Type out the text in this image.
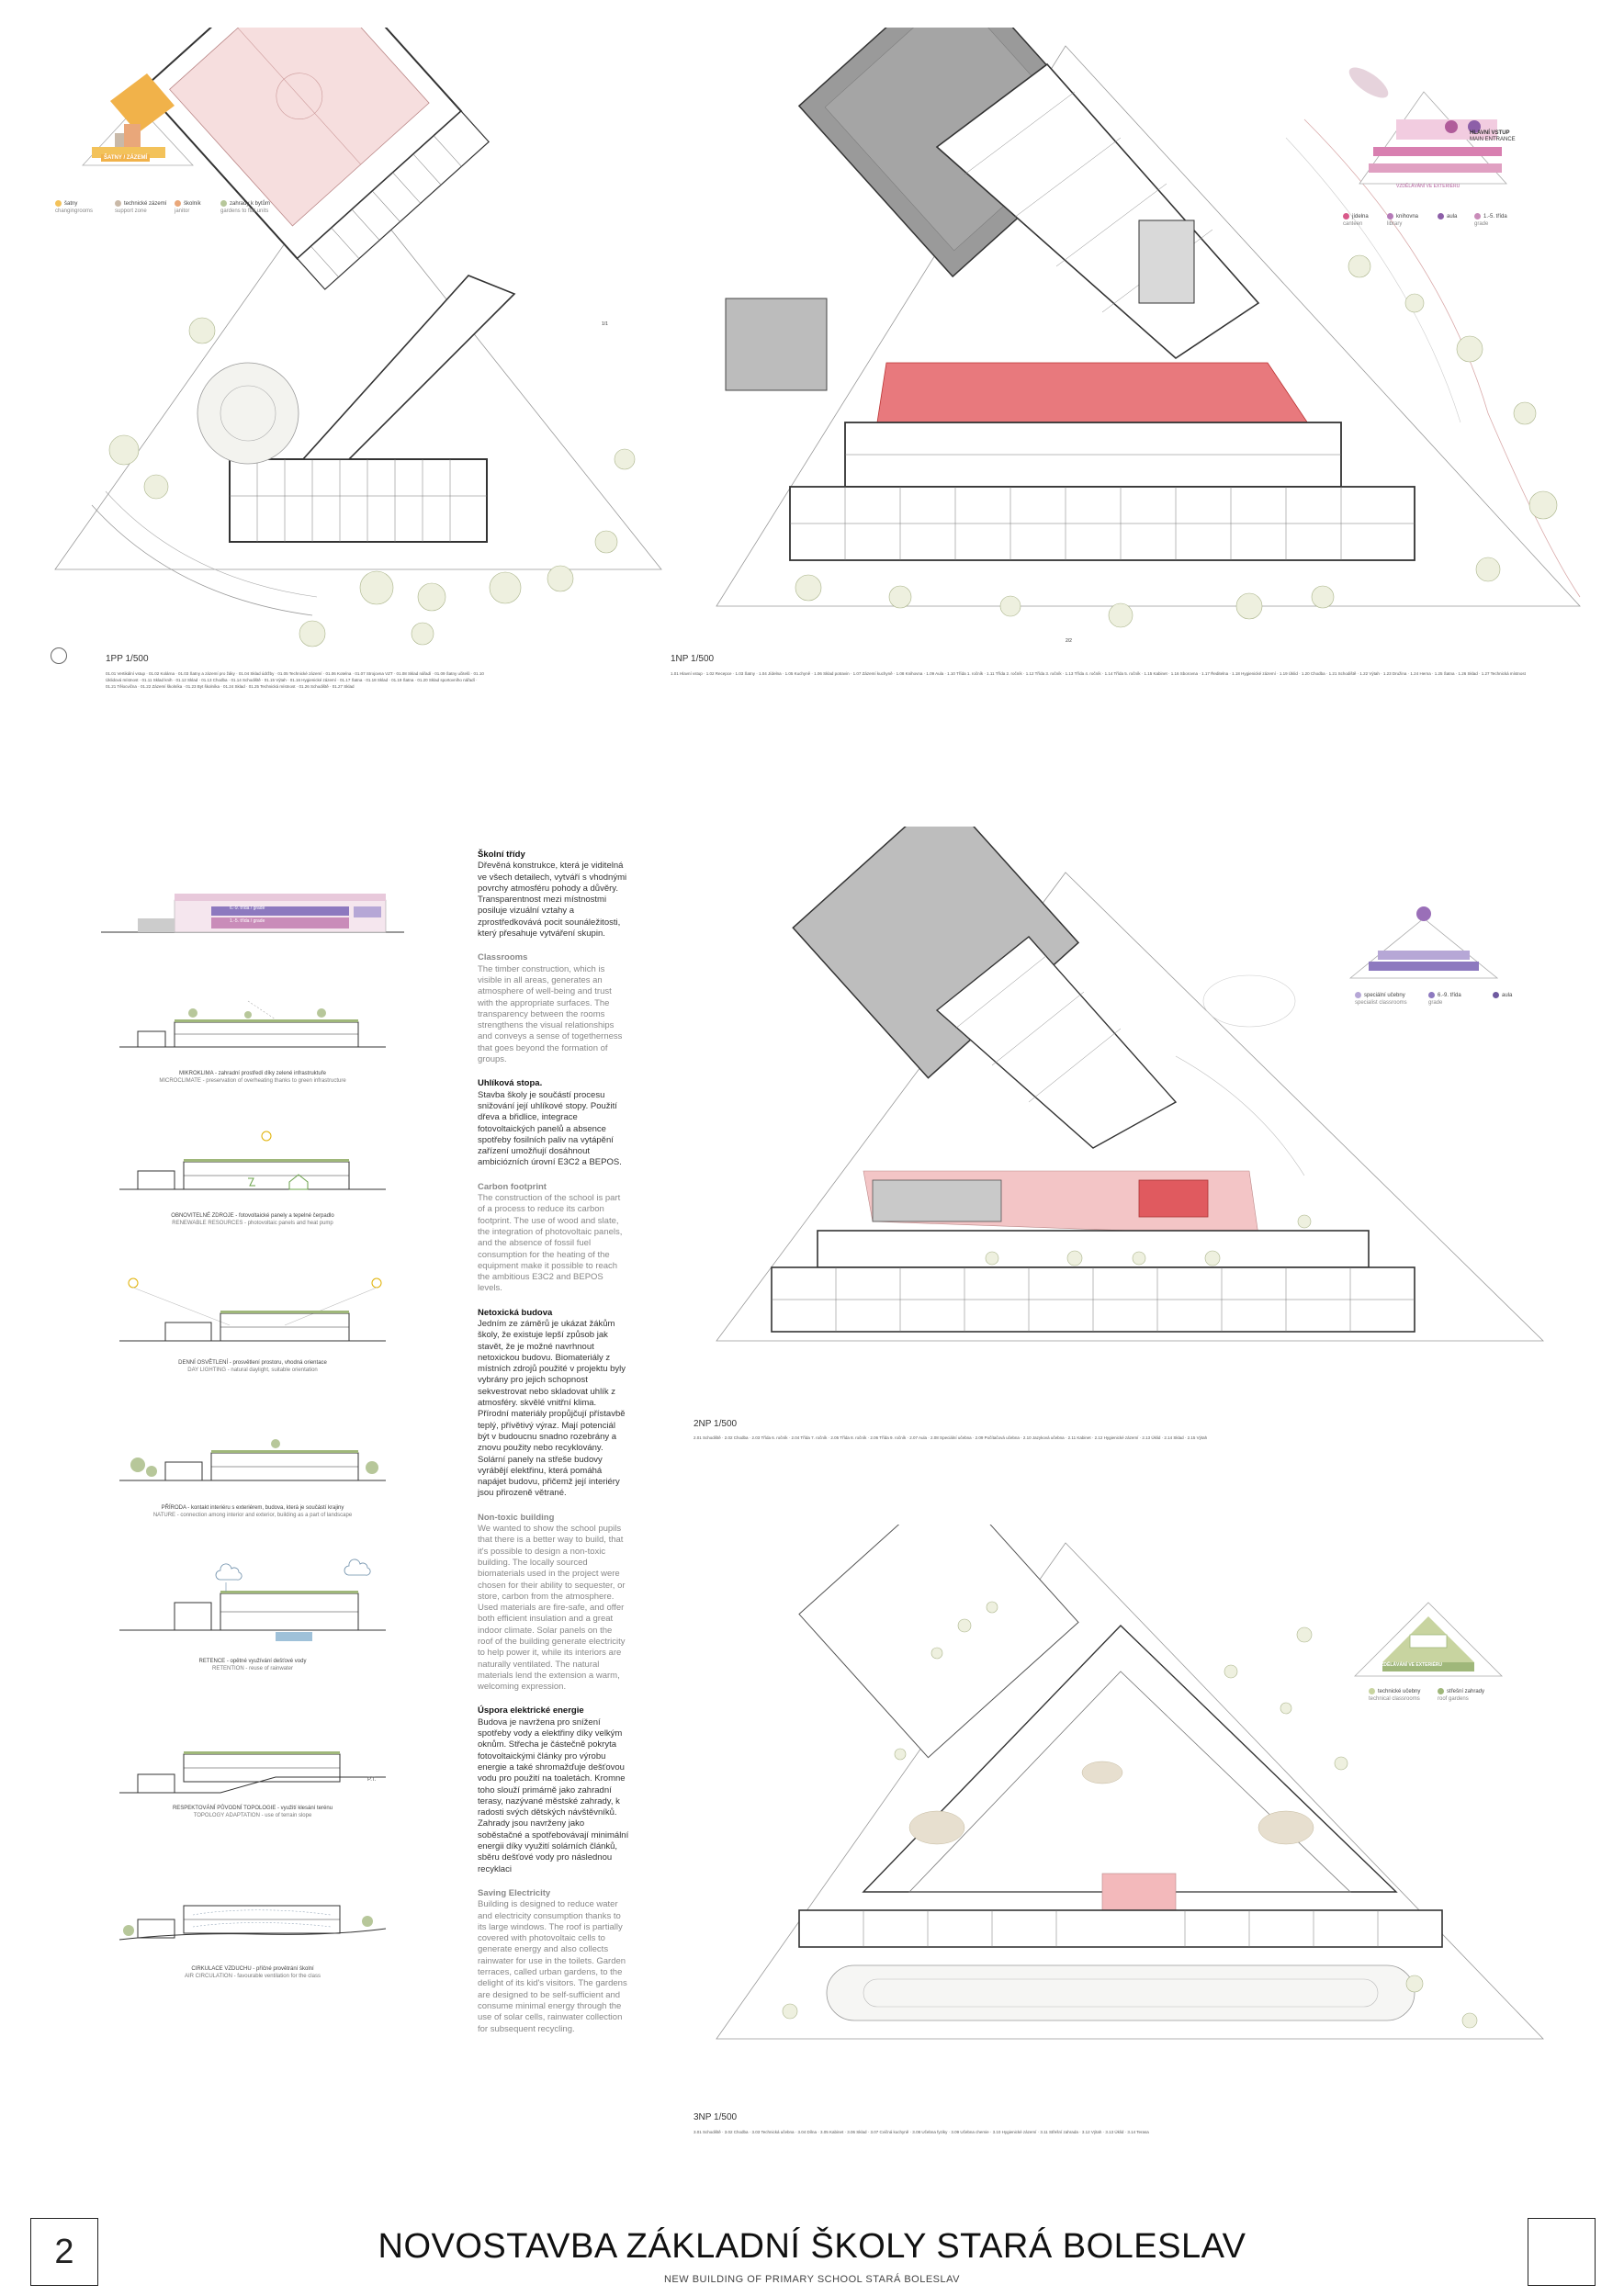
ŠATNY / ZÁZEMÍ
šatny
changingrooms
technické zázemí
support zone
školník
janitor
zahrady k bytům
gardens to flat units
1PP 1/500
01.01 Vertikální vstup · 01.02 Kolárna · 01.03 Šatny a zázemí pro žáky · 01.04 Sklad údržby · 01.05 Technické zázemí · 01.06 Kotelna · 01.07 Strojovna VZT · 01.08 Sklad nářadí · 01.09 Šatny učitelů · 01.10 Úklidová místnost · 01.11 Sklad knih · 01.12 Sklad · 01.13 Chodba · 01.14 Schodiště · 01.15 Výtah · 01.16 Hygienické zázemí · 01.17 Šatna · 01.18 Sklad · 01.19 Šatna · 01.20 Sklad sportovního nářadí · 01.21 Tělocvična · 01.22 Zázemí školníka · 01.23 Byt školníka · 01.24 Sklad · 01.25 Technická místnost · 01.26 Schodiště · 01.27 Sklad
HLAVNÍ VSTUP
MAIN ENTRANCE
VZDĚLÁVÁNÍ VE EXTERIÉRU
jídelna
canteen
knihovna
library
aula	1.-5. třída
grade
1NP 1/500
1.01 Hlavní vstup · 1.02 Recepce · 1.03 Šatny · 1.04 Jídelna · 1.05 Kuchyně · 1.06 Sklad potravin · 1.07 Zázemí kuchyně · 1.08 Knihovna · 1.09 Aula · 1.10 Třída 1. ročník · 1.11 Třída 2. ročník · 1.12 Třída 3. ročník · 1.13 Třída 4. ročník · 1.14 Třída 5. ročník · 1.15 Kabinet · 1.16 Sborovna · 1.17 Ředitelna · 1.18 Hygienické zázemí · 1.19 Úklid · 1.20 Chodba · 1.21 Schodiště · 1.22 Výtah · 1.23 Družina · 1.24 Herna · 1.25 Šatna · 1.26 Sklad · 1.27 Technická místnost
6.-9. třída / grade
1.-5. třída / grade
MIKROKLIMA - zahradní prostředí díky zelené infrastruktuře
MICROCLIMATE - preservation of overheating thanks to green infrastructure
OBNOVITELNÉ ZDROJE - fotovoltaické panely a tepelné čerpadlo
RENEWABLE RESOURCES - photovoltaic panels and heat pump
DENNÍ OSVĚTLENÍ - prosvětlení prostoru, vhodná orientace
DAY LIGHTING - natural daylight, suitable orientation
PŘÍRODA - kontakt interiéru s exteriérem, budova, která je součástí krajiny
NATURE - connection among interior and exterior, building as a part of landscape
RETENCE - opětné využívání dešťové vody
RETENTION - reuse of rainwater
P.T.
RESPEKTOVÁNÍ PŮVODNÍ TOPOLOGIE - využití klesání terénu
TOPOLOGY ADAPTATION - use of terrain slope
CIRKULACE VZDUCHU - příčné provětrání školní
AIR CIRCULATION - favourable ventilation for the class
Školní třídy

Dřevěná konstrukce, která je viditelná ve všech detailech, vytváří s vhodnými povrchy atmosféru pohody a důvěry. Transparentnost mezi místnostmi posiluje vizuální vztahy a zprostředkovává pocit sounáležitosti, který přesahuje vytváření skupin.

Classrooms

The timber construction, which is visible in all areas, generates an atmosphere of well-being and trust with the appropriate surfaces. The transparency between the rooms strengthens the visual relationships and conveys a sense of togetherness that goes beyond the formation of groups.

Uhlíková stopa.

Stavba školy je součástí procesu snižování její uhlíkové stopy. Použití dřeva a břidlice, integrace fotovoltaických panelů a absence spotřeby fosilních paliv na vytápění zařízení umožňují dosáhnout ambiciózních úrovní E3C2 a BEPOS.

Carbon footprint

The construction of the school is part of a process to reduce its carbon footprint. The use of wood and slate, the integration of photovoltaic panels, and the absence of fossil fuel consumption for the heating of the equipment make it possible to reach the ambitious E3C2 and BEPOS levels.

Netoxická budova

Jedním ze záměrů je ukázat žákům školy, že existuje lepší způsob jak stavět, že je možné navrhnout netoxickou budovu. Biomateriály z místních zdrojů použité v projektu byly vybrány pro jejich schopnost sekvestrovat nebo skladovat uhlík z atmosféry. skvělé vnitřní klima. Přírodní materiály propůjčují přístavbě teplý, přívětivý výraz. Mají potenciál být v budoucnu snadno rozebrány a znovu použity nebo recyklovány. Solární panely na střeše budovy vyrábějí elektřinu, která pomáhá napájet budovu, přičemž její interiéry jsou přirozeně větrané.

Non-toxic building

We wanted to show the school pupils that there is a better way to build, that it's possible to design a non-toxic building. The locally sourced biomaterials used in the project were chosen for their ability to sequester, or store, carbon from the atmosphere. Used materials are fire-safe, and offer both efficient insulation and a great indoor climate. Solar panels on the roof of the building generate electricity to help power it, while its interiors are naturally ventilated. The natural materials lend the extension a warm, welcoming expression.

Úspora elektrické energie

Budova je navržena pro snížení spotřeby vody a elektřiny díky velkým oknům. Střecha je částečně pokryta fotovoltaickými články pro výrobu energie a také shromažďuje dešťovou vodu pro použití na toaletách. Kromne toho slouží primárně jako zahradní terasy, nazývané městské zahrady, k radosti svých dětských návštěvníků. Zahrady jsou navrženy jako soběstačné a spotřebovávají minimální energii díky využití solárních článků, sběru dešťové vody pro následnou recyklaci

Saving Electricity

Building is designed to reduce water and electricity consumption thanks to its large windows. The roof is partially covered with photovoltaic cells to generate energy and also collects rainwater for use in the toilets. Garden terraces, called urban gardens, to the delight of its kid's visitors. The gardens are designed to be self-sufficient and consume minimal energy through the use of solar cells, rainwater collection for subsequent recycling.

speciální učebny
specialist classrooms
6.-9. třída
grade
aula
2NP 1/500
2.01 Schodiště · 2.02 Chodba · 2.03 Třída 6. ročník · 2.04 Třída 7. ročník · 2.05 Třída 8. ročník · 2.06 Třída 9. ročník · 2.07 Aula · 2.08 Speciální učebna · 2.09 Počítačová učebna · 2.10 Jazyková učebna · 2.11 Kabinet · 2.12 Hygienické zázemí · 2.13 Úklid · 2.14 Sklad · 2.15 Výtah
VZDĚLÁVÁNÍ VE EXTERIÉRU
technické učebny
technical classrooms
střešní zahrady
roof gardens
3NP 1/500
3.01 Schodiště · 3.02 Chodba · 3.03 Technická učebna · 3.04 Dílna · 3.05 Kabinet · 3.06 Sklad · 3.07 Cvičná kuchyně · 3.08 Učebna fyziky · 3.09 Učebna chemie · 3.10 Hygienické zázemí · 3.11 Střešní zahrada · 3.12 Výtah · 3.13 Úklid · 3.14 Terasa
1/1
2/2
2	NOVOSTAVBA ZÁKLADNÍ ŠKOLY STARÁ BOLESLAV
NEW BUILDING OF PRIMARY SCHOOL STARÁ BOLESLAV
